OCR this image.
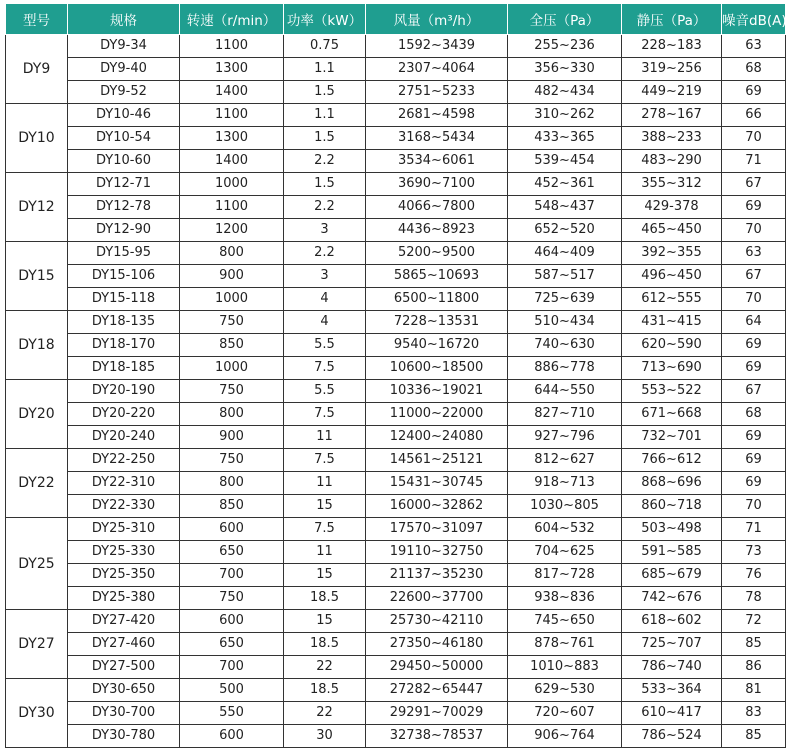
型号	规格	转速（r/min）	功率（kW）	风量（m³/h）	全压（Pa）	静压（Pa）	噪音dB(A)
DY9	DY9-34	1100	0.75	1592~3439	255~236	228~183	63
	DY9-40	1300	1.1	2307~4064	356~330	319~256	68
	DY9-52	1400	1.5	2751~5233	482~434	449~219	69
DY10	DY10-46	1100	1.1	2681~4598	310~262	278~167	66
	DY10-54	1300	1.5	3168~5434	433~365	388~233	70
	DY10-60	1400	2.2	3534~6061	539~454	483~290	71
DY12	DY12-71	1000	1.5	3690~7100	452~361	355~312	67
	DY12-78	1100	2.2	4066~7800	548~437	429-378	69
	DY12-90	1200	3	4436~8923	652~520	465~450	70
DY15	DY15-95	800	2.2	5200~9500	464~409	392~355	63
	DY15-106	900	3	5865~10693	587~517	496~450	67
	DY15-118	1000	4	6500~11800	725~639	612~555	70
DY18	DY18-135	750	4	7228~13531	510~434	431~415	64
	DY18-170	850	5.5	9540~16720	740~630	620~590	69
	DY18-185	1000	7.5	10600~18500	886~778	713~690	69
DY20	DY20-190	750	5.5	10336~19021	644~550	553~522	67
	DY20-220	800	7.5	11000~22000	827~710	671~668	68
	DY20-240	900	11	12400~24080	927~796	732~701	69
DY22	DY22-250	750	7.5	14561~25121	812~627	766~612	69
	DY22-310	800	11	15431~30745	918~713	868~696	69
	DY22-330	850	15	16000~32862	1030~805	860~718	70
DY25	DY25-310	600	7.5	17570~31097	604~532	503~498	71
	DY25-330	650	11	19110~32750	704~625	591~585	73
	DY25-350	700	15	21137~35230	817~728	685~679	76
	DY25-380	750	18.5	22600~37700	938~836	742~676	78
DY27	DY27-420	600	15	25730~42110	745~650	618~602	72
	DY27-460	650	18.5	27350~46180	878~761	725~707	85
	DY27-500	700	22	29450~50000	1010~883	786~740	86
DY30	DY30-650	500	18.5	27282~65447	629~530	533~364	81
	DY30-700	550	22	29291~70029	720~607	610~417	83
	DY30-780	600	30	32738~78537	906~764	786~524	85
